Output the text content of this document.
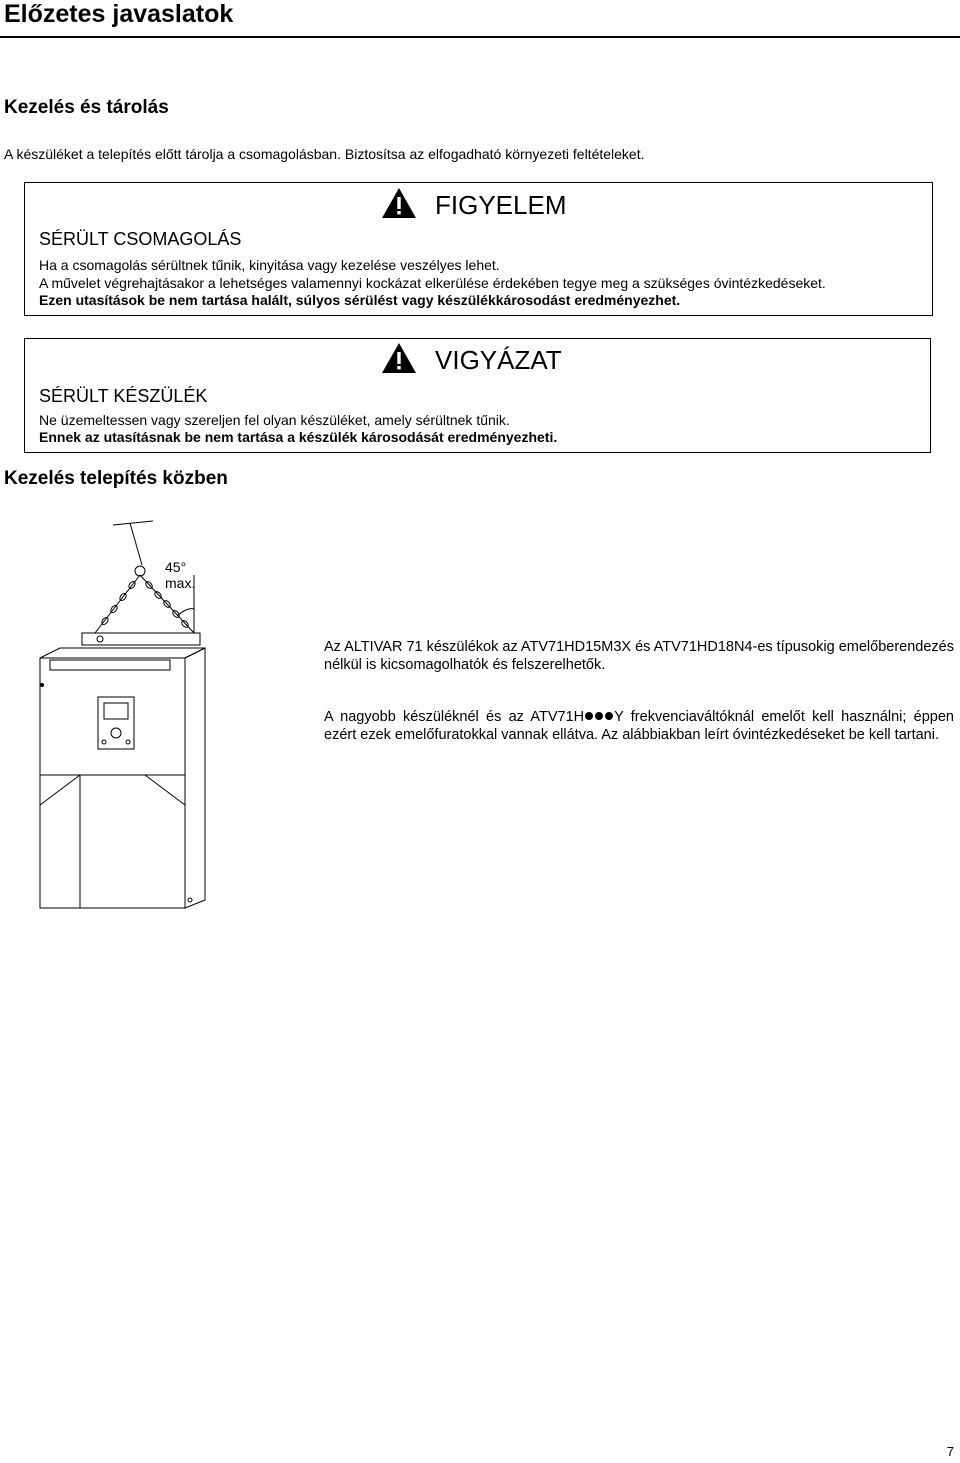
Előzetes javaslatok
Kezelés és tárolás
A készüléket a telepítés előtt tárolja a csomagolásban. Biztosítsa az elfogadható környezeti feltételeket.
FIGYELEM
SÉRÜLT CSOMAGOLÁS
Ha a csomagolás sérültnek tűnik, kinyitása vagy kezelése veszélyes lehet.
A művelet végrehajtásakor a lehetséges valamennyi kockázat elkerülése érdekében tegye meg a szükséges óvintézkedéseket.
Ezen utasítások be nem tartása halált, súlyos sérülést vagy készülékkárosodást eredményezhet.
VIGYÁZAT
SÉRÜLT KÉSZÜLÉK
Ne üzemeltessen vagy szereljen fel olyan készüléket, amely sérültnek tűnik.
Ennek az utasításnak be nem tartása a készülék károsodását eredményezheti.
Kezelés telepítés közben
45°
max.
Az ALTIVAR 71 készülékok az ATV71HD15M3X és ATV71HD18N4-es típusokig emelőberendezés nélkül is kicsomagolhatók és felszerelhetők.
A nagyobb készüléknél és az ATV71H Y frekvenciaváltóknál emelőt kell használni; éppen ezért ezek emelőfuratokkal vannak ellátva. Az alábbiakban leírt óvintézkedéseket be kell tartani.
7
